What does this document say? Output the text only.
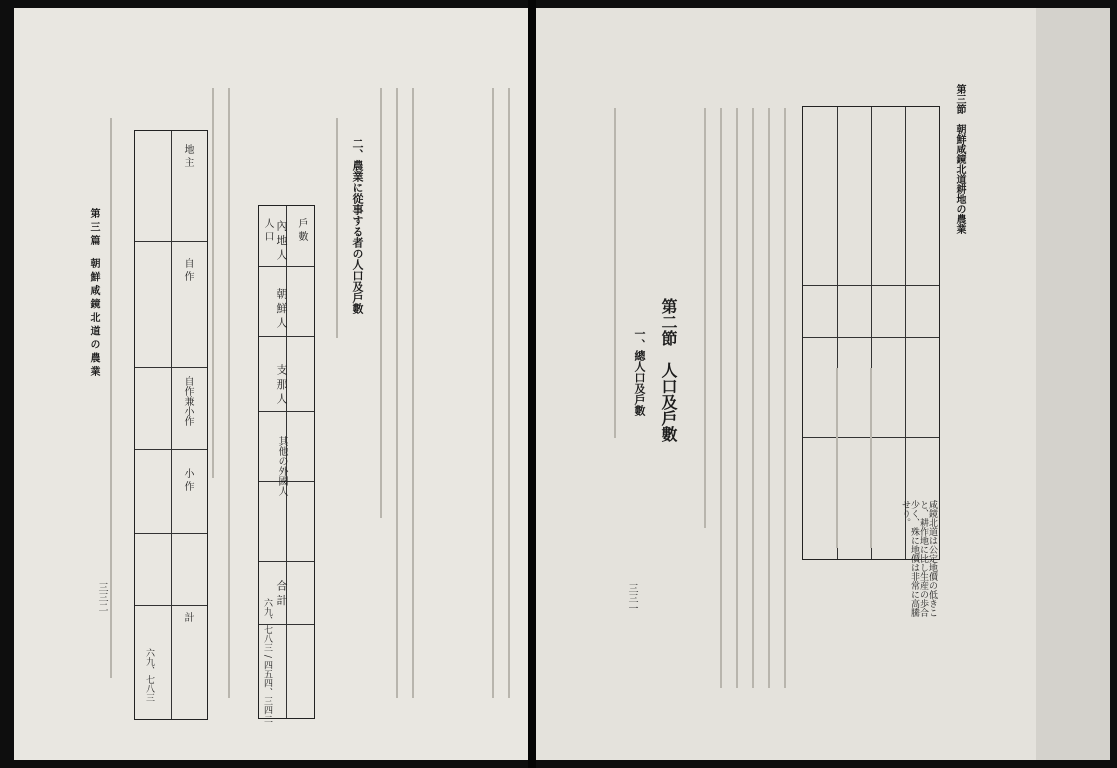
二、農業に從事する者の人口及戶數
內 地 人
朝 鮮 人
支 那 人
其他の外國人
合 計
戶 數
人 口
六九、七八三 / 四五四、三四二
地 主
自 作
自作兼小作
小 作
計
六九、七八三
第 三 篇　 朝 鮮 咸 鏡 北 道 の 農 業
三三二
第三節　朝鮮咸鏡北道耕地の農業
咸鏡北道は公定地價の低きこと、耕作地に比し生産の歩合少く、殊に地價は非常に高騰せり。
第二節　人口及戶數
一、總人口及戶數
三三一
